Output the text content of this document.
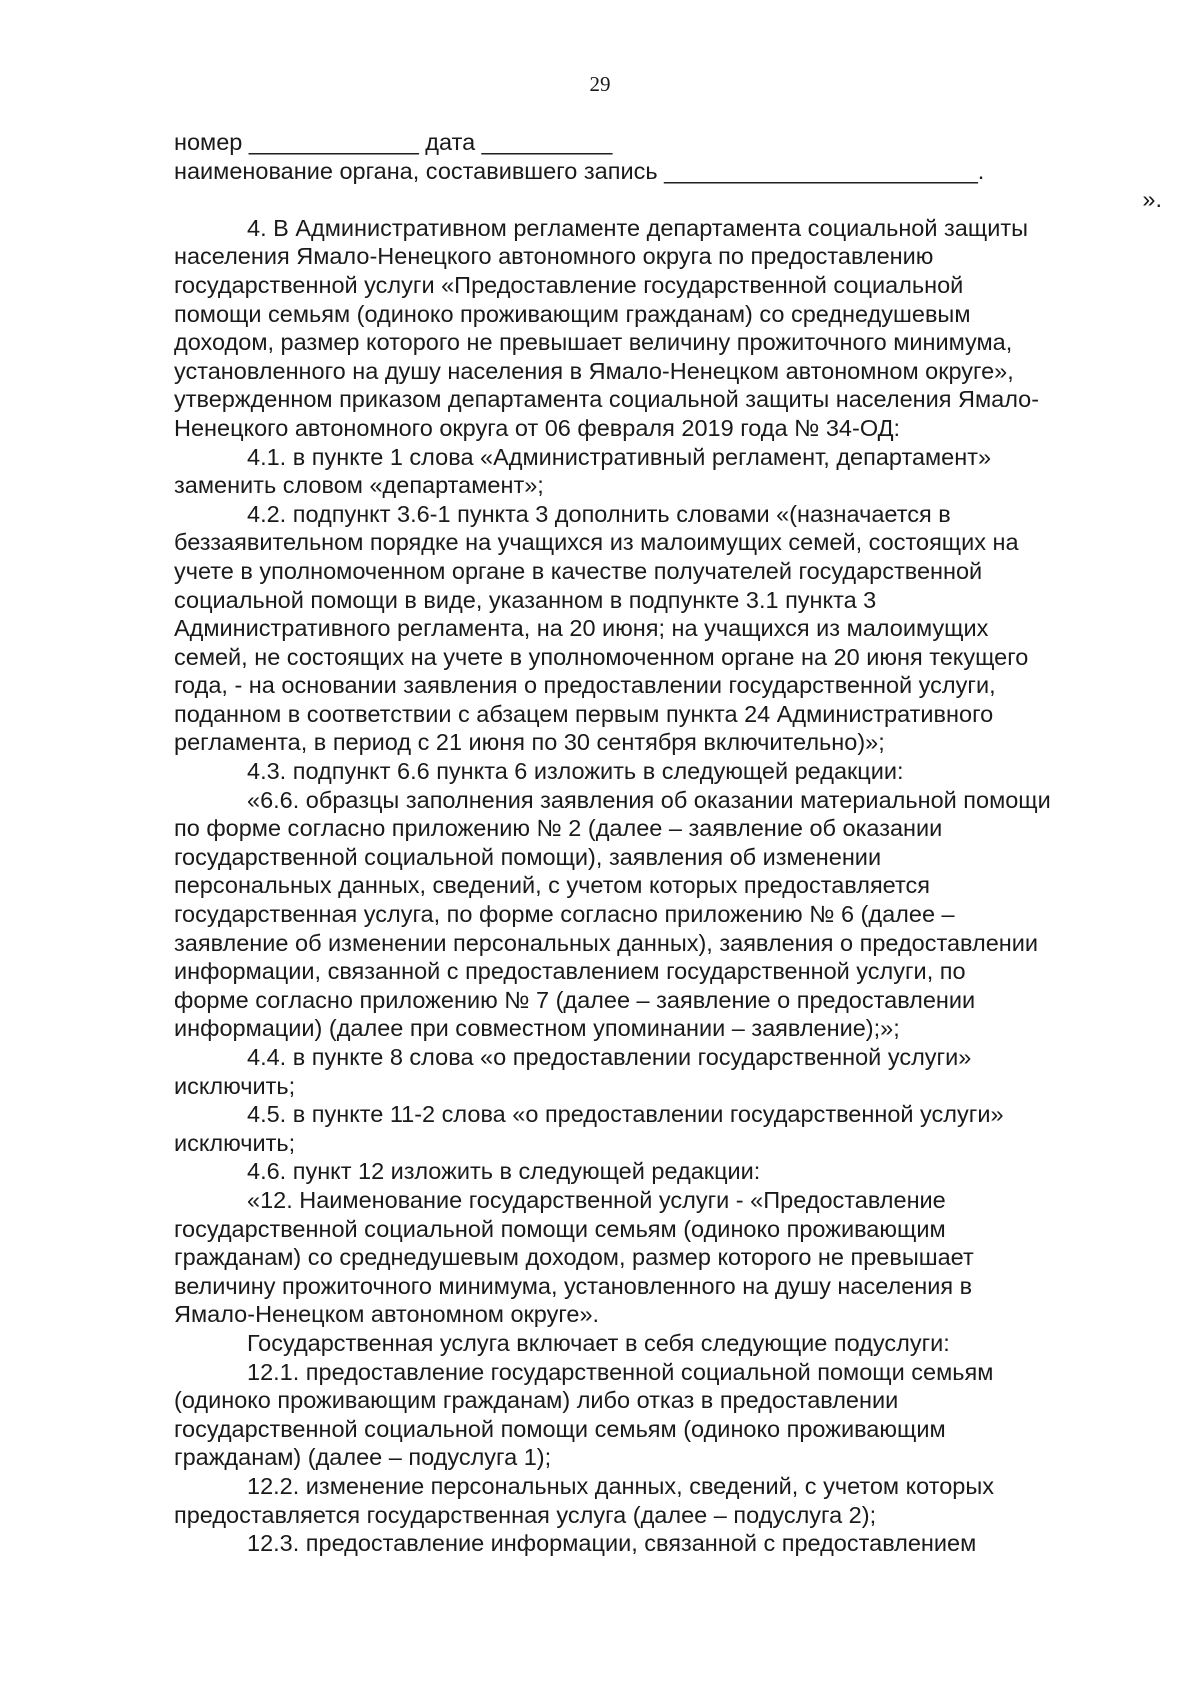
29
номер _____________ дата __________
наименование органа, составившего запись ________________________.
».
4. В Административном регламенте департамента социальной защиты
населения Ямало-Ненецкого автономного округа по предоставлению
государственной услуги «Предоставление государственной социальной
помощи семьям (одиноко проживающим гражданам) со среднедушевым
доходом, размер которого не превышает величину прожиточного минимума,
установленного на душу населения в Ямало-Ненецком автономном округе»,
утвержденном приказом департамента социальной защиты населения Ямало-
Ненецкого автономного округа от 06 февраля 2019 года № 34-ОД:
4.1. в пункте 1 слова «Административный регламент, департамент»
заменить словом «департамент»;
4.2. подпункт 3.6-1 пункта 3 дополнить словами «(назначается в
беззаявительном порядке на учащихся из малоимущих семей, состоящих на
учете в уполномоченном органе в качестве получателей государственной
социальной помощи в виде, указанном в подпункте 3.1 пункта 3
Административного регламента, на 20 июня; на учащихся из малоимущих
семей, не состоящих на учете в уполномоченном органе на 20 июня текущего
года, - на основании заявления о предоставлении государственной услуги,
поданном в соответствии с абзацем первым пункта 24 Административного
регламента, в период с 21 июня по 30 сентября включительно)»;
4.3. подпункт 6.6 пункта 6 изложить в следующей редакции:
«6.6. образцы заполнения заявления об оказании материальной помощи
по форме согласно приложению № 2 (далее – заявление об оказании
государственной социальной помощи), заявления об изменении
персональных данных, сведений, с учетом которых предоставляется
государственная услуга, по форме согласно приложению № 6 (далее –
заявление об изменении персональных данных), заявления о предоставлении
информации, связанной с предоставлением государственной услуги, по
форме согласно приложению № 7 (далее – заявление о предоставлении
информации) (далее при совместном упоминании – заявление);»;
4.4. в пункте 8 слова «о предоставлении государственной услуги»
исключить;
4.5. в пункте 11-2 слова «о предоставлении государственной услуги»
исключить;
4.6. пункт 12 изложить в следующей редакции:
«12. Наименование государственной услуги - «Предоставление
государственной социальной помощи семьям (одиноко проживающим
гражданам) со среднедушевым доходом, размер которого не превышает
величину прожиточного минимума, установленного на душу населения в
Ямало-Ненецком автономном округе».
Государственная услуга включает в себя следующие подуслуги:
12.1. предоставление государственной социальной помощи семьям
(одиноко проживающим гражданам) либо отказ в предоставлении
государственной социальной помощи семьям (одиноко проживающим
гражданам) (далее – подуслуга 1);
12.2. изменение персональных данных, сведений, с учетом которых
предоставляется государственная услуга (далее – подуслуга 2);
12.3. предоставление информации, связанной с предоставлением
